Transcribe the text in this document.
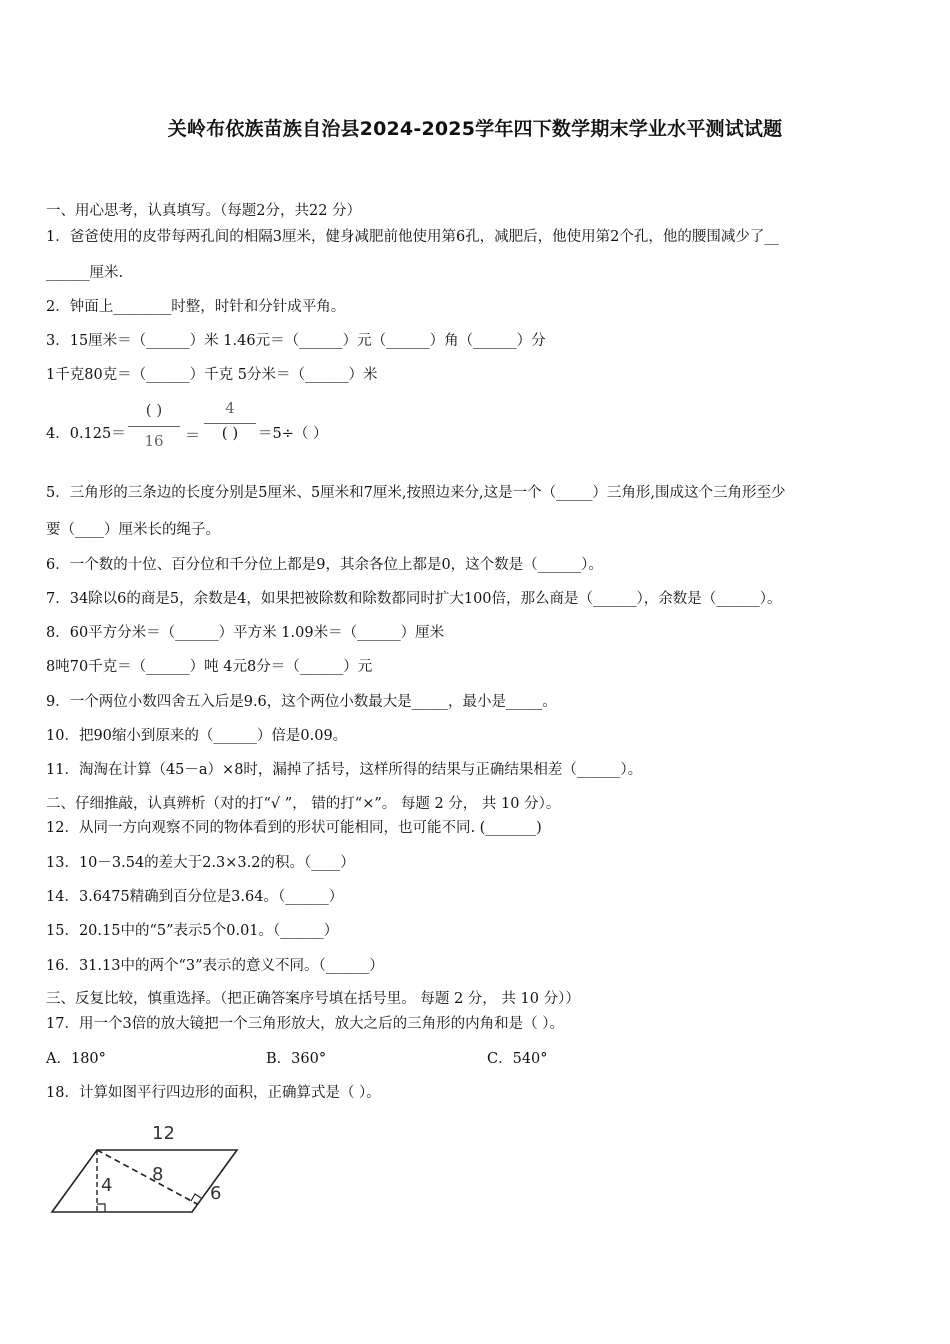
关岭布依族苗族自治县2024-2025学年四下数学期末学业水平测试试题
一、用心思考，认真填写。（每题2分，共22 分）
1．爸爸使用的皮带每两孔间的相隔3厘米，健身减肥前他使用第6孔，减肥后，他使用第2个孔，他的腰围减少了__
______厘米.
2．钟面上________时整，时针和分针成平角。
3．15厘米＝（______）米 1.46元＝（______）元（______）角（______）分
1千克80克＝（______）千克 5分米＝（______）米
4．0.125＝
( )
16	＝
4
( )	＝5÷（ ）
5．三角形的三条边的长度分别是5厘米、5厘米和7厘米,按照边来分,这是一个（_____）三角形,围成这个三角形至少
要（____）厘米长的绳子。
6．一个数的十位、百分位和千分位上都是9，其余各位上都是0，这个数是（______）。
7．34除以6的商是5，余数是4，如果把被除数和除数都同时扩大100倍，那么商是（______），余数是（______）。
8．60平方分米＝（______）平方米 1.09米＝（______）厘米
8吨70千克＝（______）吨 4元8分＝（______）元
9．一个两位小数四舍五入后是9.6，这个两位小数最大是_____，最小是_____。
10．把90缩小到原来的（______）倍是0.09。
11．淘淘在计算（45－a）×8时，漏掉了括号，这样所得的结果与正确结果相差（______）。
二、仔细推敲，认真辨析（对的打“√ ”， 错的打“×”。 每题 2 分， 共 10 分）。
12．从同一方向观察不同的物体看到的形状可能相同，也可能不同. (_______)
13．10－3.54的差大于2.3×3.2的积。（____）
14．3.6475精确到百分位是3.64。（______）
15．20.15中的“5”表示5个0.01。（______）
16．31.13中的两个“3”表示的意义不同。（______）
三、反复比较，慎重选择。（把正确答案序号填在括号里。 每题 2 分， 共 10 分））
17．用一个3倍的放大镜把一个三角形放大，放大之后的三角形的内角和是（ ）。
A．180°	B．360°	C．540°
18．计算如图平行四边形的面积，正确算式是（ ）。
12
8
4	6
